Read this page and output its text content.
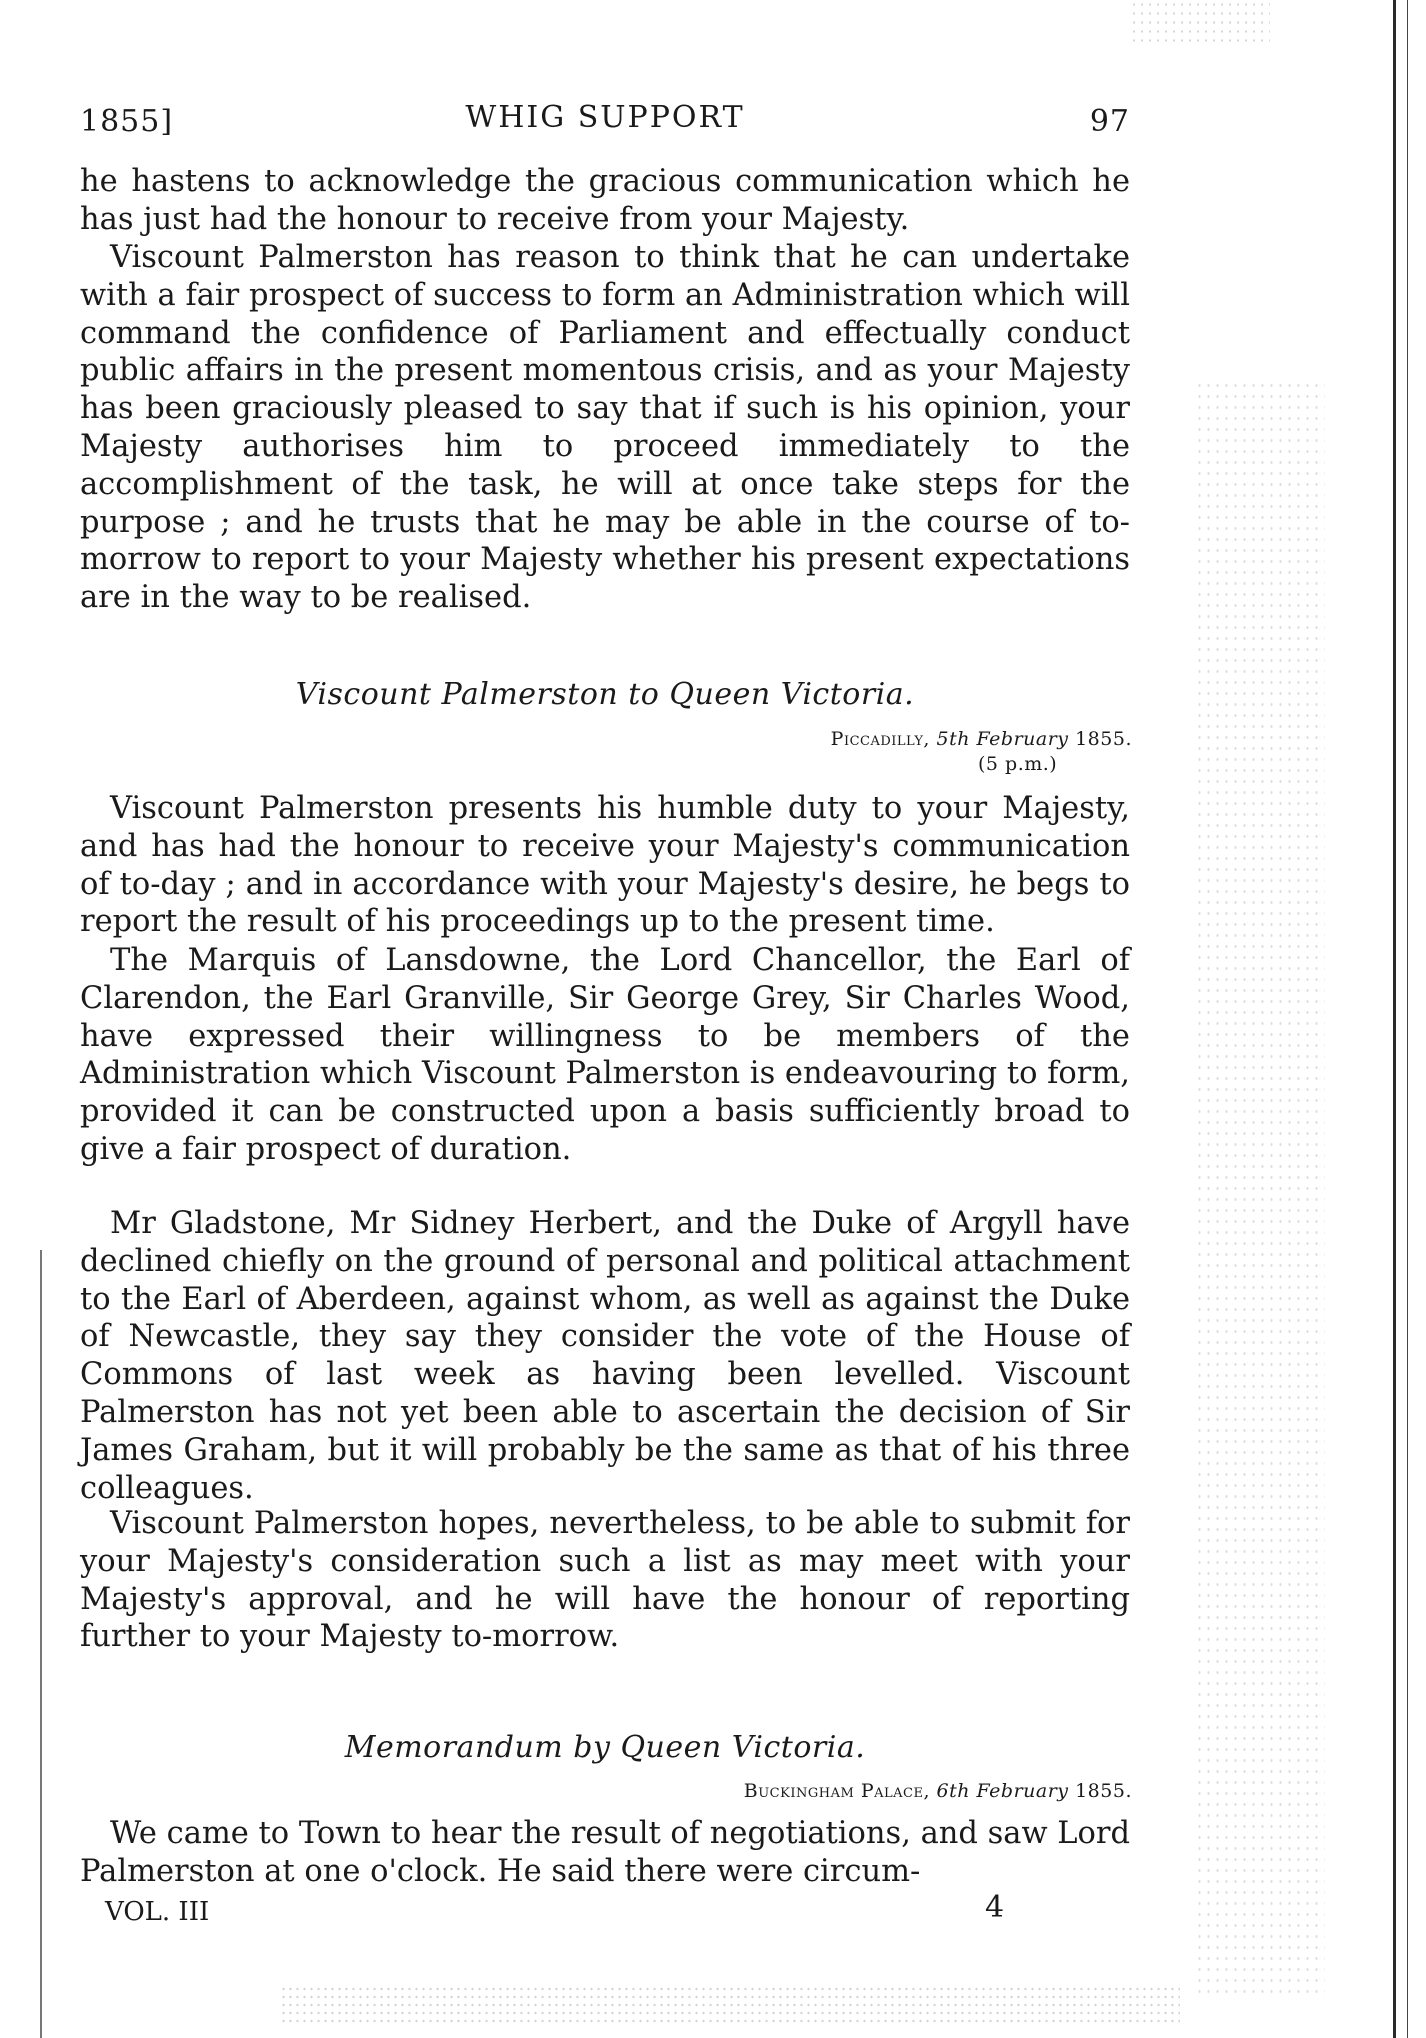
1855]	WHIG SUPPORT	97

he hastens to acknowledge the gracious communication which he has just had the honour to receive from your Majesty.

Viscount Palmerston has reason to think that he can undertake with a fair prospect of success to form an Administration which will command the confidence of Parliament and effectually conduct public affairs in the present momentous crisis, and as your Majesty has been graciously pleased to say that if such is his opinion, your Majesty authorises him to proceed immediately to the accomplishment of the task, he will at once take steps for the purpose ; and he trusts that he may be able in the course of to-morrow to report to your Majesty whether his present expectations are in the way to be realised.

Viscount Palmerston to Queen Victoria.
Piccadilly, 5th February 1855.
(5 p.m.)

Viscount Palmerston presents his humble duty to your Majesty, and has had the honour to receive your Majesty's communication of to-day ; and in accordance with your Majesty's desire, he begs to report the result of his proceedings up to the present time.

The Marquis of Lansdowne, the Lord Chancellor, the Earl of Clarendon, the Earl Granville, Sir George Grey, Sir Charles Wood, have expressed their willingness to be members of the Administration which Viscount Palmerston is endeavouring to form, provided it can be constructed upon a basis sufficiently broad to give a fair prospect of duration.

Mr Gladstone, Mr Sidney Herbert, and the Duke of Argyll have declined chiefly on the ground of personal and political attachment to the Earl of Aberdeen, against whom, as well as against the Duke of Newcastle, they say they consider the vote of the House of Commons of last week as having been levelled. Viscount Palmerston has not yet been able to ascertain the decision of Sir James Graham, but it will probably be the same as that of his three colleagues.

Viscount Palmerston hopes, nevertheless, to be able to submit for your Majesty's consideration such a list as may meet with your Majesty's approval, and he will have the honour of reporting further to your Majesty to-morrow.

Memorandum by Queen Victoria.
Buckingham Palace, 6th February 1855.

We came to Town to hear the result of negotiations, and saw Lord Palmerston at one o'clock. He said there were circum-

VOL. III	4
